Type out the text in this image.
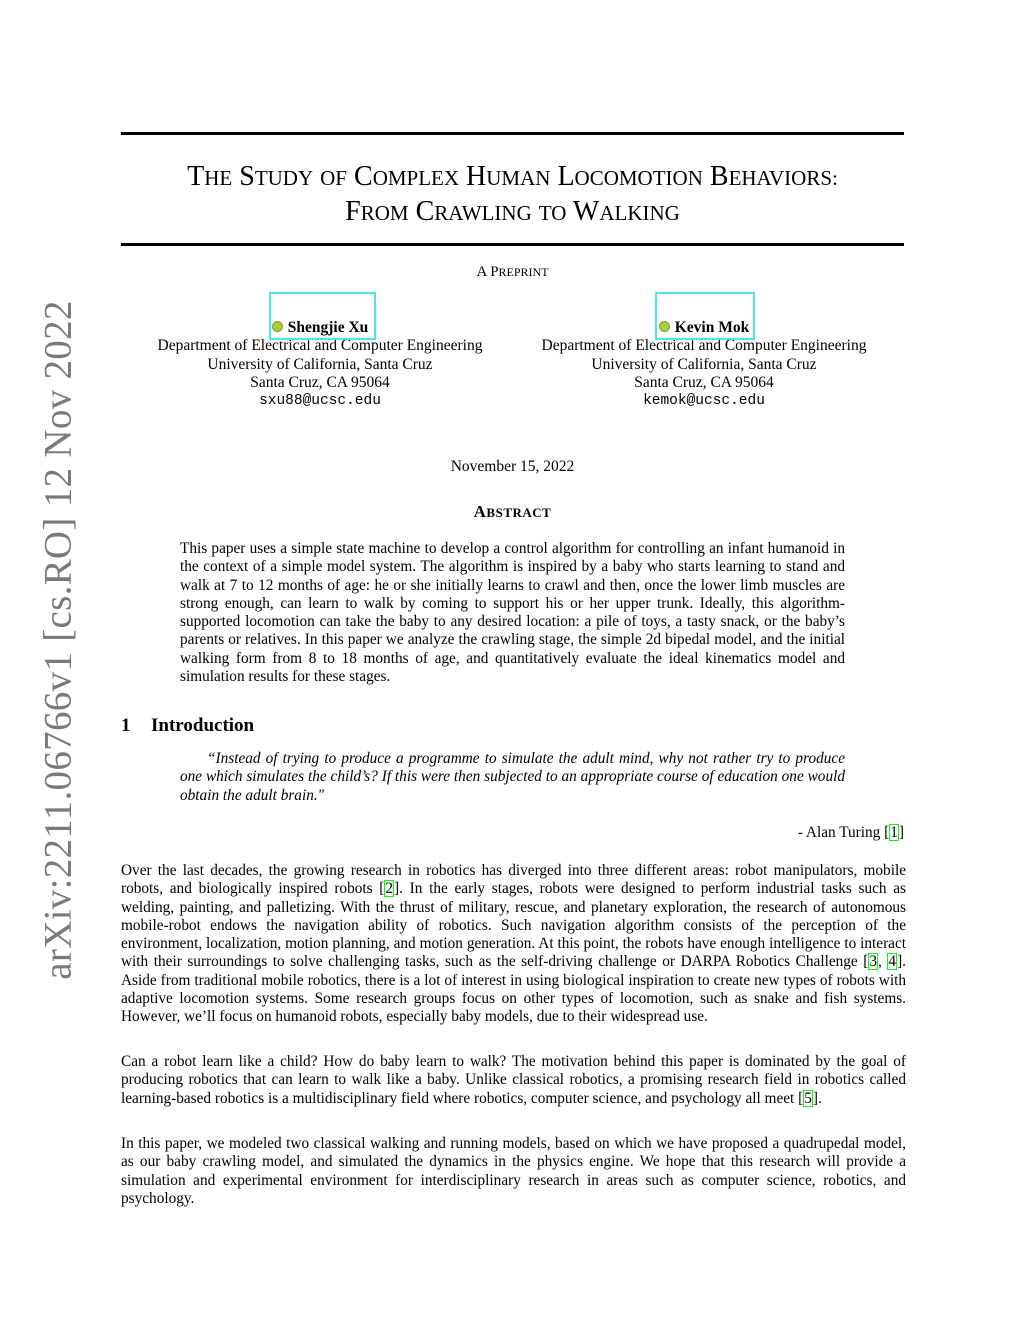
arXiv:2211.06766v1 [cs.RO] 12 Nov 2022
THE STUDY OF COMPLEX HUMAN LOCOMOTION BEHAVIORS:
FROM CRAWLING TO WALKING
A PREPRINT
Shengjie Xu
Department of Electrical and Computer Engineering
University of California, Santa Cruz
Santa Cruz, CA 95064
sxu88@ucsc.edu
Kevin Mok
Department of Electrical and Computer Engineering
University of California, Santa Cruz
Santa Cruz, CA 95064
kemok@ucsc.edu
November 15, 2022
ABSTRACT
This paper uses a simple state machine to develop a control algorithm for controlling an infant humanoid in the context of a simple model system. The algorithm is inspired by a baby who starts learning to stand and walk at 7 to 12 months of age: he or she initially learns to crawl and then, once the lower limb muscles are strong enough, can learn to walk by coming to support his or her upper trunk. Ideally, this algorithm-supported locomotion can take the baby to any desired location: a pile of toys, a tasty snack, or the baby’s parents or relatives. In this paper we analyze the crawling stage, the simple 2d bipedal model, and the initial walking form from 8 to 18 months of age, and quantitatively evaluate the ideal kinematics model and simulation results for these stages.
1 Introduction
“Instead of trying to produce a programme to simulate the adult mind, why not rather try to produce one which simulates the child’s? If this were then subjected to an appropriate course of education one would obtain the adult brain."
- Alan Turing [1]
Over the last decades, the growing research in robotics has diverged into three different areas: robot manipulators, mobile robots, and biologically inspired robots [2]. In the early stages, robots were designed to perform industrial tasks such as welding, painting, and palletizing. With the thrust of military, rescue, and planetary exploration, the research of autonomous mobile-robot endows the navigation ability of robotics. Such navigation algorithm consists of the perception of the environment, localization, motion planning, and motion generation. At this point, the robots have enough intelligence to interact with their surroundings to solve challenging tasks, such as the self-driving challenge or DARPA Robotics Challenge [3, 4]. Aside from traditional mobile robotics, there is a lot of interest in using biological inspiration to create new types of robots with adaptive locomotion systems. Some research groups focus on other types of locomotion, such as snake and fish systems. However, we’ll focus on humanoid robots, especially baby models, due to their widespread use.
Can a robot learn like a child? How do baby learn to walk? The motivation behind this paper is dominated by the goal of producing robotics that can learn to walk like a baby. Unlike classical robotics, a promising research field in robotics called learning-based robotics is a multidisciplinary field where robotics, computer science, and psychology all meet [5].
In this paper, we modeled two classical walking and running models, based on which we have proposed a quadrupedal model, as our baby crawling model, and simulated the dynamics in the physics engine. We hope that this research will provide a simulation and experimental environment for interdisciplinary research in areas such as computer science, robotics, and psychology.
